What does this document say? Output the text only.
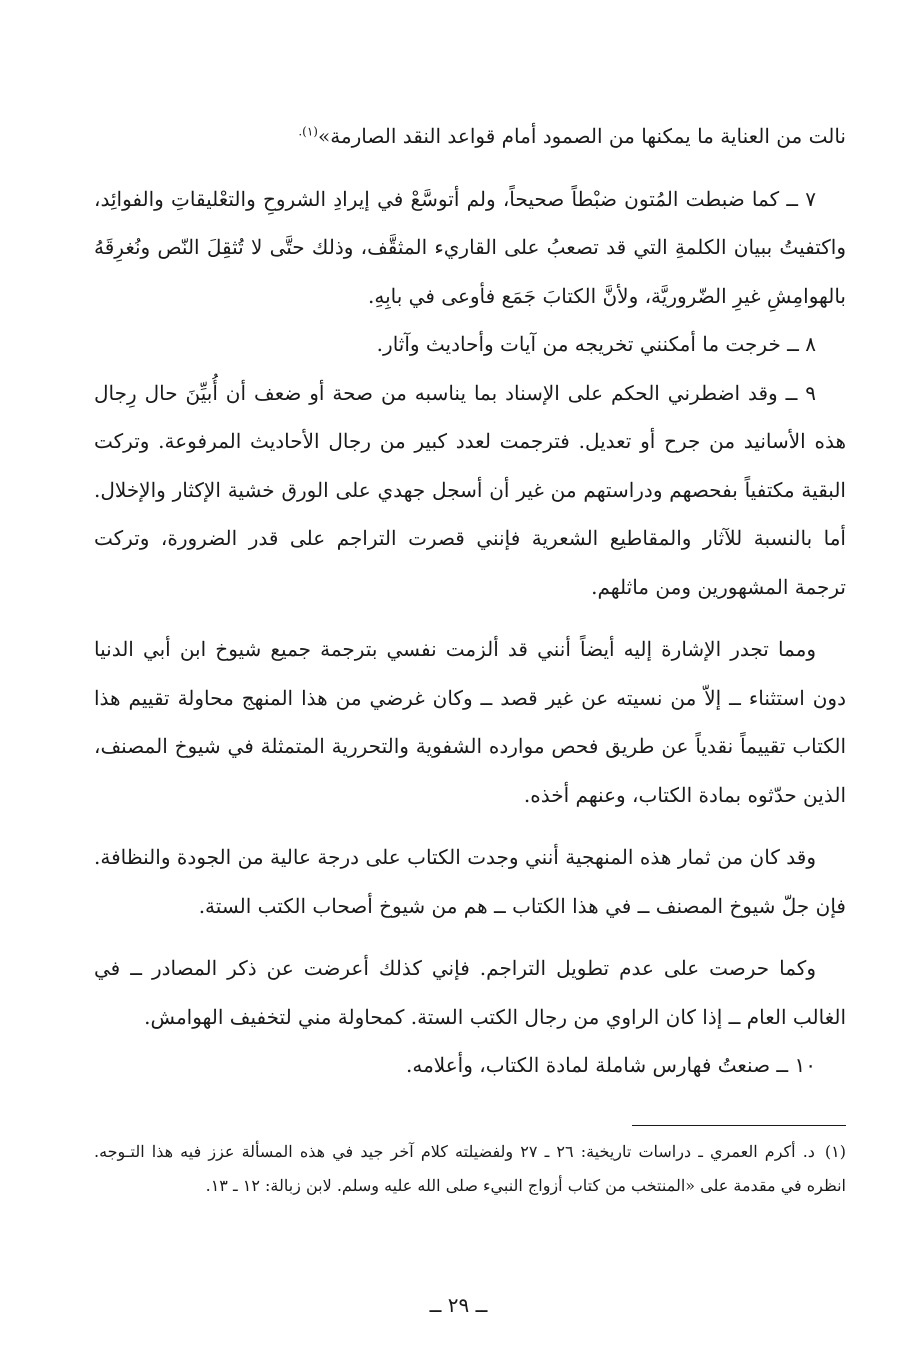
نالت من العناية ما يمكنها من الصمود أمام قواعد النقد الصارمة»$^{(١).}$

٧ ــ كما ضبطت المُتون ضبْطاً صحيحاً، ولم أتوسَّعْ في إيرادِ الشروحِ والتعْليقاتِ والفوائِد، واكتفيتُ ببيان الكلمةِ التي قد تصعبُ على القاريء المثقَّف، وذلك حتَّى لا تُثقِلَ النّص ونُغرِقَهُ بالهوامِشِ غيرِ الضّروريَّة، ولأنَّ الكتابَ جَمَع فأوعى في بابِهِ.

٨ ــ خرجت ما أمكنني تخريجه من آيات وأحاديث وآثار.

٩ ــ وقد اضطرني الحكم على الإسناد بما يناسبه من صحة أو ضعف أن أُبيِّنَ حال رِجال هذه الأسانيد من جرح أو تعديل. فترجمت لعدد كبير من رجال الأحاديث المرفوعة. وتركت البقية مكتفياً بفحصهم ودراستهم من غير أن أسجل جهدي على الورق خشية الإكثار والإخلال. أما بالنسبة للآثار والمقاطيع الشعرية فإنني قصرت التراجم على قدر الضرورة، وتركت ترجمة المشهورين ومن ماثلهم.

ومما تجدر الإشارة إليه أيضاً أنني قد ألزمت نفسي بترجمة جميع شيوخ ابن أبي الدنيا دون استثناء ــ إلاّ من نسيته عن غير قصد ــ وكان غرضي من هذا المنهج محاولة تقييم هذا الكتاب تقييماً نقدياً عن طريق فحص موارده الشفوية والتحررية المتمثلة في شيوخ المصنف، الذين حدّثوه بمادة الكتاب، وعنهم أخذه.

وقد كان من ثمار هذه المنهجية أنني وجدت الكتاب على درجة عالية من الجودة والنظافة. فإن جلّ شيوخ المصنف ــ في هذا الكتاب ــ هم من شيوخ أصحاب الكتب الستة.

وكما حرصت على عدم تطويل التراجم. فإني كذلك أعرضت عن ذكر المصادر ــ في الغالب العام ــ إذا كان الراوي من رجال الكتب الستة. كمحاولة مني لتخفيف الهوامش.

١٠ ــ صنعتُ فهارس شاملة لمادة الكتاب، وأعلامه.

(١)د. أكرم العمري ـ دراسات تاريخية: ٢٦ ـ ٢٧ ولفضيلته كلام آخر جيد في هذه المسألة عزز فيه هذا التـوجه. انظره في مقدمة على «المنتخب من كتاب أزواج النبيء صلى الله عليه وسلم. لابن زبالة: ١٢ ـ ١٣.

ــ ٢٩ ــ
